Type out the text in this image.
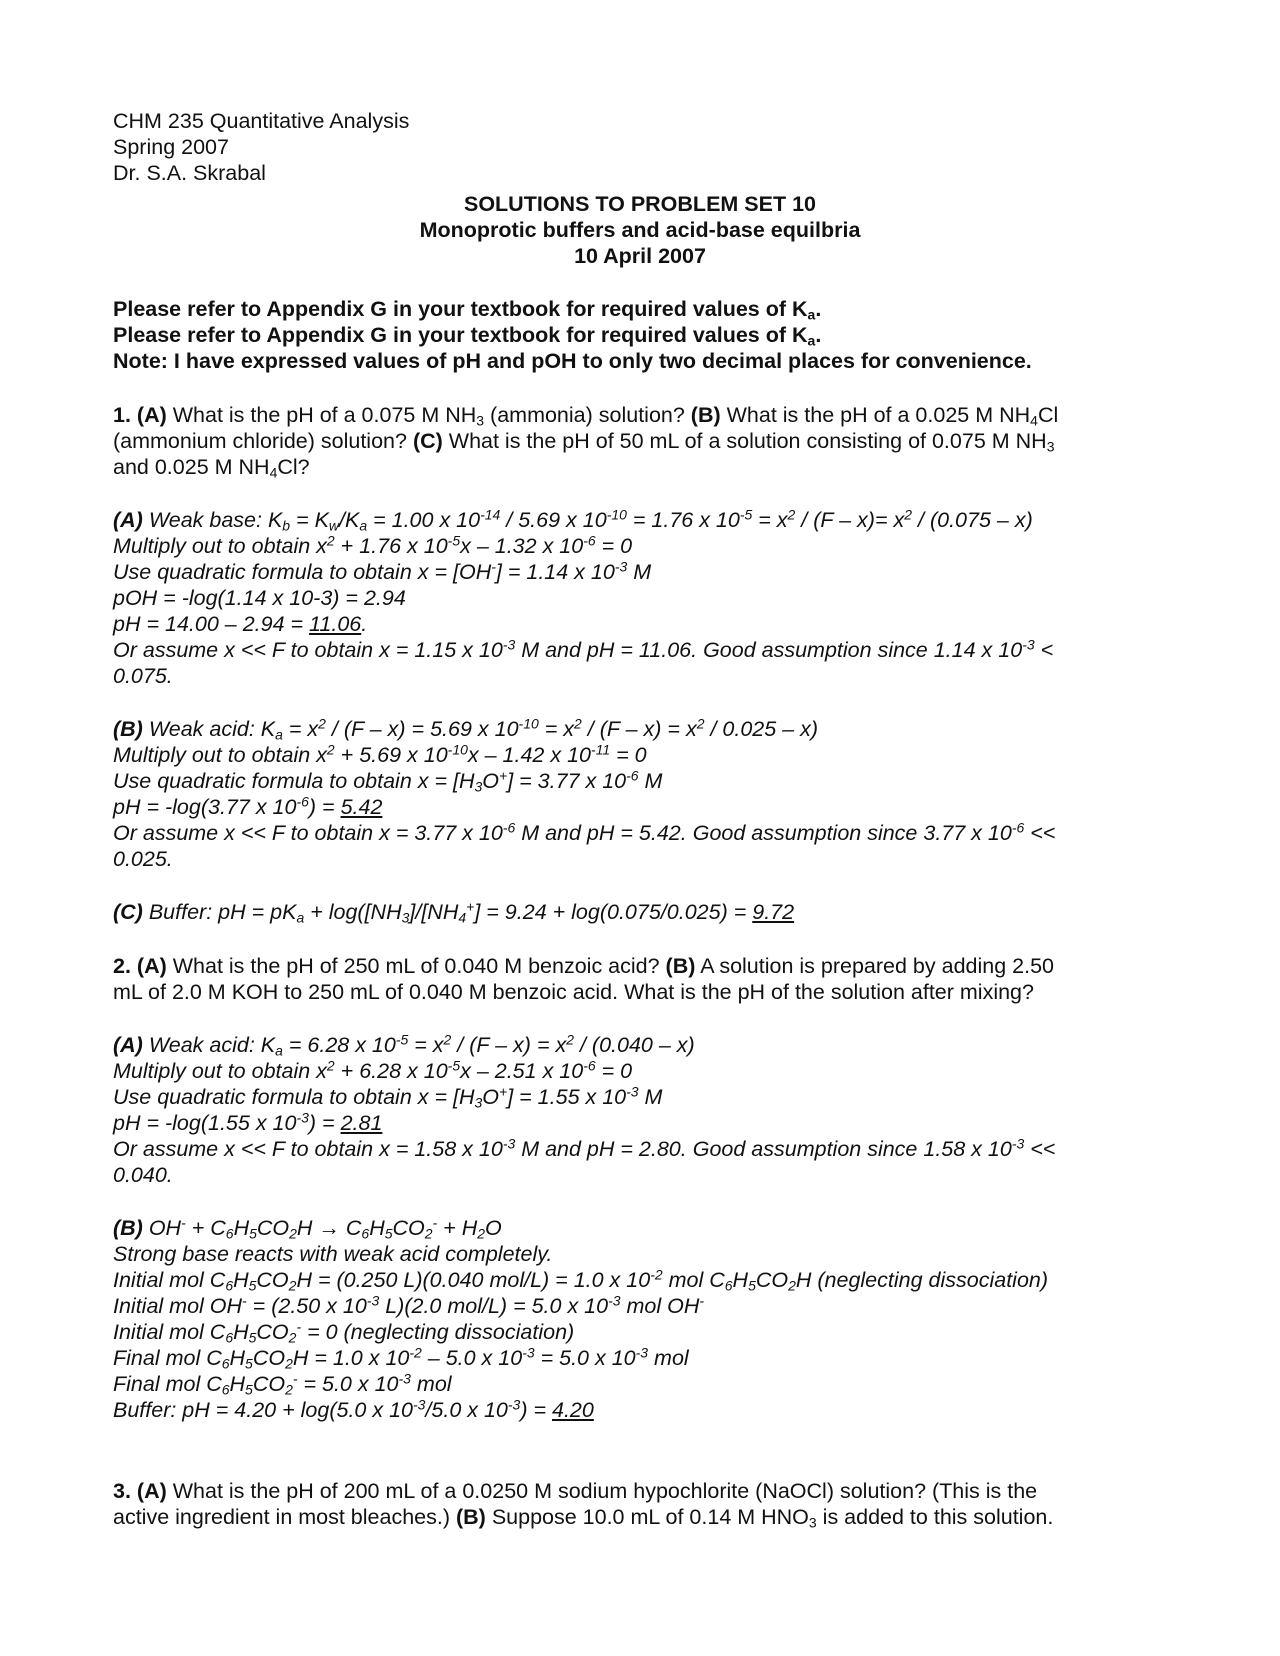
CHM 235 Quantitative Analysis
Spring 2007
Dr. S.A. Skrabal
SOLUTIONS TO PROBLEM SET 10
Monoprotic buffers and acid-base equilbria
10 April 2007
Please refer to Appendix G in your textbook for required values of $K_a$.
Please refer to Appendix G in your textbook for required values of $K_a$.
Note: I have expressed values of pH and pOH to only two decimal places for convenience.
1. (A) What is the pH of a 0.075 M $NH_3$ (ammonia) solution? (B) What is the pH of a 0.025 M $NH_4Cl$
(ammonium chloride) solution? (C) What is the pH of 50 mL of a solution consisting of 0.075 M $NH_3$
and 0.025 M $NH_4Cl$?
(A) Weak base: $K_b = K_w/K_a = 1.00$ x $10^{-14} / 5.69$ x $10^{-10} = 1.76$ x $10^{-5} = x^2 / (F - x)= x^2 / (0.075 - x)$
Multiply out to obtain $x^2 + 1.76$ x $10^{-5}x - 1.32$ x $10^{-6} = 0$
Use quadratic formula to obtain x = [OH-] = 1.14 x $10^{-3}$ M
pOH = -log(1.14 x 10-3) = 2.94
pH = 14.00 – 2.94 = 11.06.
Or assume x << F to obtain x = 1.15 x $10^{-3}$ M and pH = 11.06. Good assumption since 1.14 x $10^{-3}$ <
0.075.
(B) Weak acid: $K_a = x^2 / (F - x) = 5.69$ x $10^{-10} = x^2 / (F - x) = x^2 / 0.025 - x$)
Multiply out to obtain $x^2 + 5.69$ x $10^{-10}x - 1.42$ x $10^{-11} = 0$
Use quadratic formula to obtain $x = [H_3O^+] = 3.77$ x $10^{-6}$ M
pH = -log(3.77 x $10^{-6}) = 5.42$
Or assume x << F to obtain x = 3.77 x $10^{-6}$ M and pH = 5.42. Good assumption since 3.77 x $10^{-6}$ <<
0.025.
(C) Buffer: pH = $pK_a + \log([NH_3]/[NH_4^+] = 9.24 + \log(0.075/0.025) = 9.72$
2. (A) What is the pH of 250 mL of 0.040 M benzoic acid? (B) A solution is prepared by adding 2.50
mL of 2.0 M KOH to 250 mL of 0.040 M benzoic acid. What is the pH of the solution after mixing?
(A) Weak acid: $K_a = 6.28$ x $10^{-5} = x^2 / (F - x) = x^2 / (0.040 - x)$
Multiply out to obtain $x^2 + 6.28$ x $10^{-5}x - 2.51$ x $10^{-6} = 0$
Use quadratic formula to obtain $x = [H_3O^+] = 1.55$ x $10^{-3}$ M
pH = -log(1.55 x $10^{-3}) = 2.81$
Or assume x << F to obtain x = 1.58 x $10^{-3}$ M and pH = 2.80. Good assumption since 1.58 x $10^{-3}$ <<
0.040.
(B) $OH^- + C_6H_5CO_2H \to C_6H_5CO_2^- + H_2O$
Strong base reacts with weak acid completely.
Initial mol $C_6H_5CO_2H = (0.250$ L)(0.040 mol/L) = 1.0 x $10^{-2}$ mol $C_6H_5CO_2H$ (neglecting dissociation)
Initial mol OH- = (2.50 x $10^{-3}$ L)(2.0 mol/L) = 5.0 x $10^{-3}$ mol OH-
Initial mol $C_6H_5CO_2^- = 0$ (neglecting dissociation)
Final mol $C_6H_5CO_2H = 1.0$ x $10^{-2} - 5.0$ x $10^{-3} = 5.0$ x $10^{-3}$ mol
Final mol $C_6H_5CO_2^- = 5.0$ x $10^{-3}$ mol
Buffer: pH = 4.20 + log(5.0 x $10^{-3}/5.0$ x $10^{-3}) = 4.20$
3. (A) What is the pH of 200 mL of a 0.0250 M sodium hypochlorite (NaOCl) solution? (This is the
active ingredient in most bleaches.) (B) Suppose 10.0 mL of 0.14 M $HNO_3$ is added to this solution.
